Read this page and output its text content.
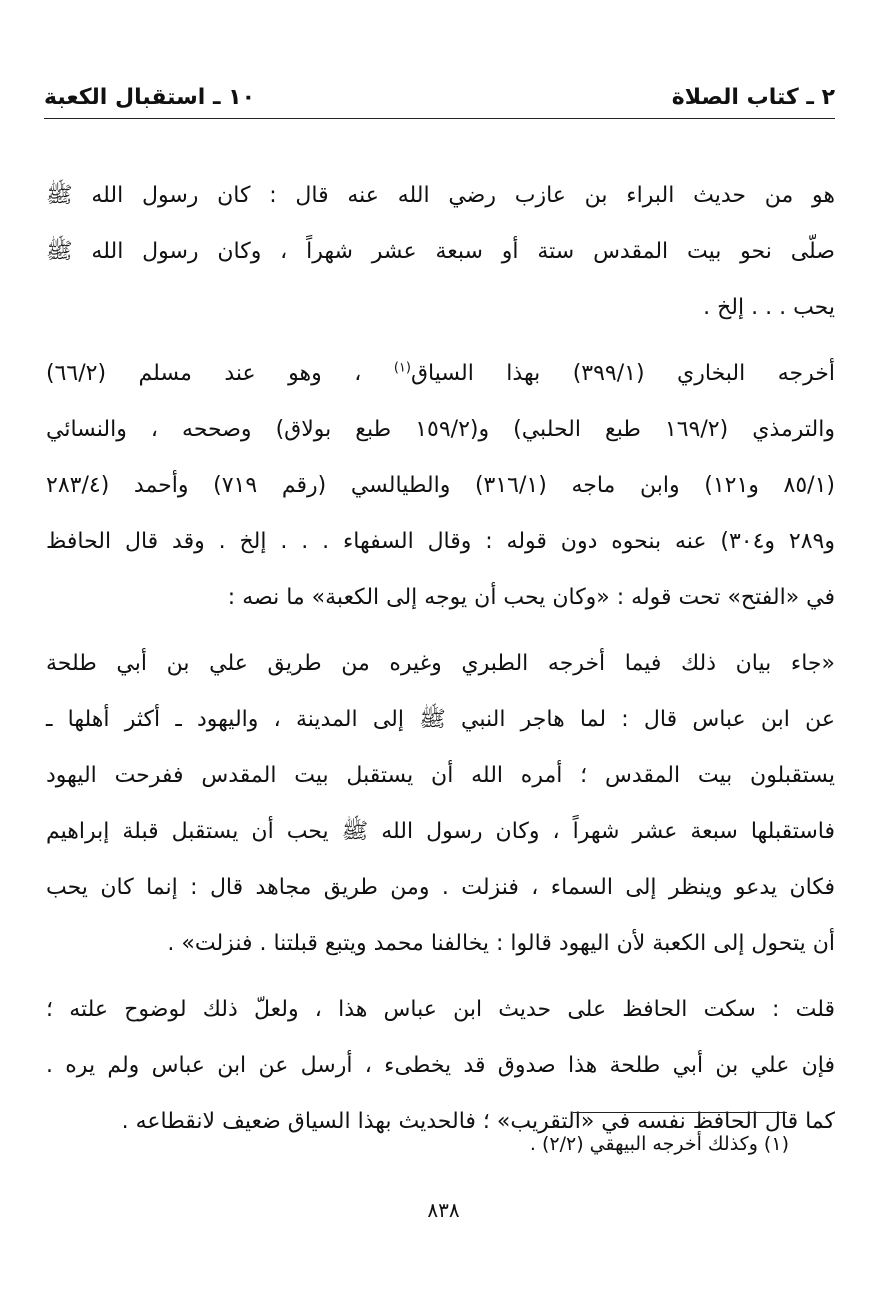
٢ ـ كتاب الصلاة
١٠ ـ استقبال الكعبة
هو من حديث البراء بن عازب رضي الله عنه قال : كان رسول الله ﷺ
صلّى نحو بيت المقدس ستة أو سبعة عشر شهراً ، وكان رسول الله ﷺ
يحب . . . إلخ .
أخرجه البخاري (٣٩٩/١) بهذا السياق$^{(١)}$ ، وهو عند مسلم (٦٦/٢)
والترمذي (١٦٩/٢ طبع الحلبي) و(١٥٩/٢ طبع بولاق) وصححه ، والنسائي
(٨٥/١ و١٢١) وابن ماجه (٣١٦/١) والطيالسي (رقم ٧١٩) وأحمد (٢٨٣/٤
و٢٨٩ و٣٠٤) عنه بنحوه دون قوله : وقال السفهاء . . . إلخ . وقد قال الحافظ
في «الفتح» تحت قوله : «وكان يحب أن يوجه إلى الكعبة» ما نصه :
«جاء بيان ذلك فيما أخرجه الطبري وغيره من طريق علي بن أبي طلحة
عن ابن عباس قال : لما هاجر النبي ﷺ إلى المدينة ، واليهود ـ أكثر أهلها ـ
يستقبلون بيت المقدس ؛ أمره الله أن يستقبل بيت المقدس ففرحت اليهود
فاستقبلها سبعة عشر شهراً ، وكان رسول الله ﷺ يحب أن يستقبل قبلة إبراهيم
فكان يدعو وينظر إلى السماء ، فنزلت . ومن طريق مجاهد قال : إنما كان يحب
أن يتحول إلى الكعبة لأن اليهود قالوا : يخالفنا محمد ويتبع قبلتنا . فنزلت» .
قلت : سكت الحافظ على حديث ابن عباس هذا ، ولعلّ ذلك لوضوح علته ؛
فإن علي بن أبي طلحة هذا صدوق قد يخطىء ، أرسل عن ابن عباس ولم يره .
كما قال الحافظ نفسه في «التقريب» ؛ فالحديث بهذا السياق ضعيف لانقطاعه .
(١) وكذلك أخرجه البيهقي (٢/٢) .
٨٣٨
